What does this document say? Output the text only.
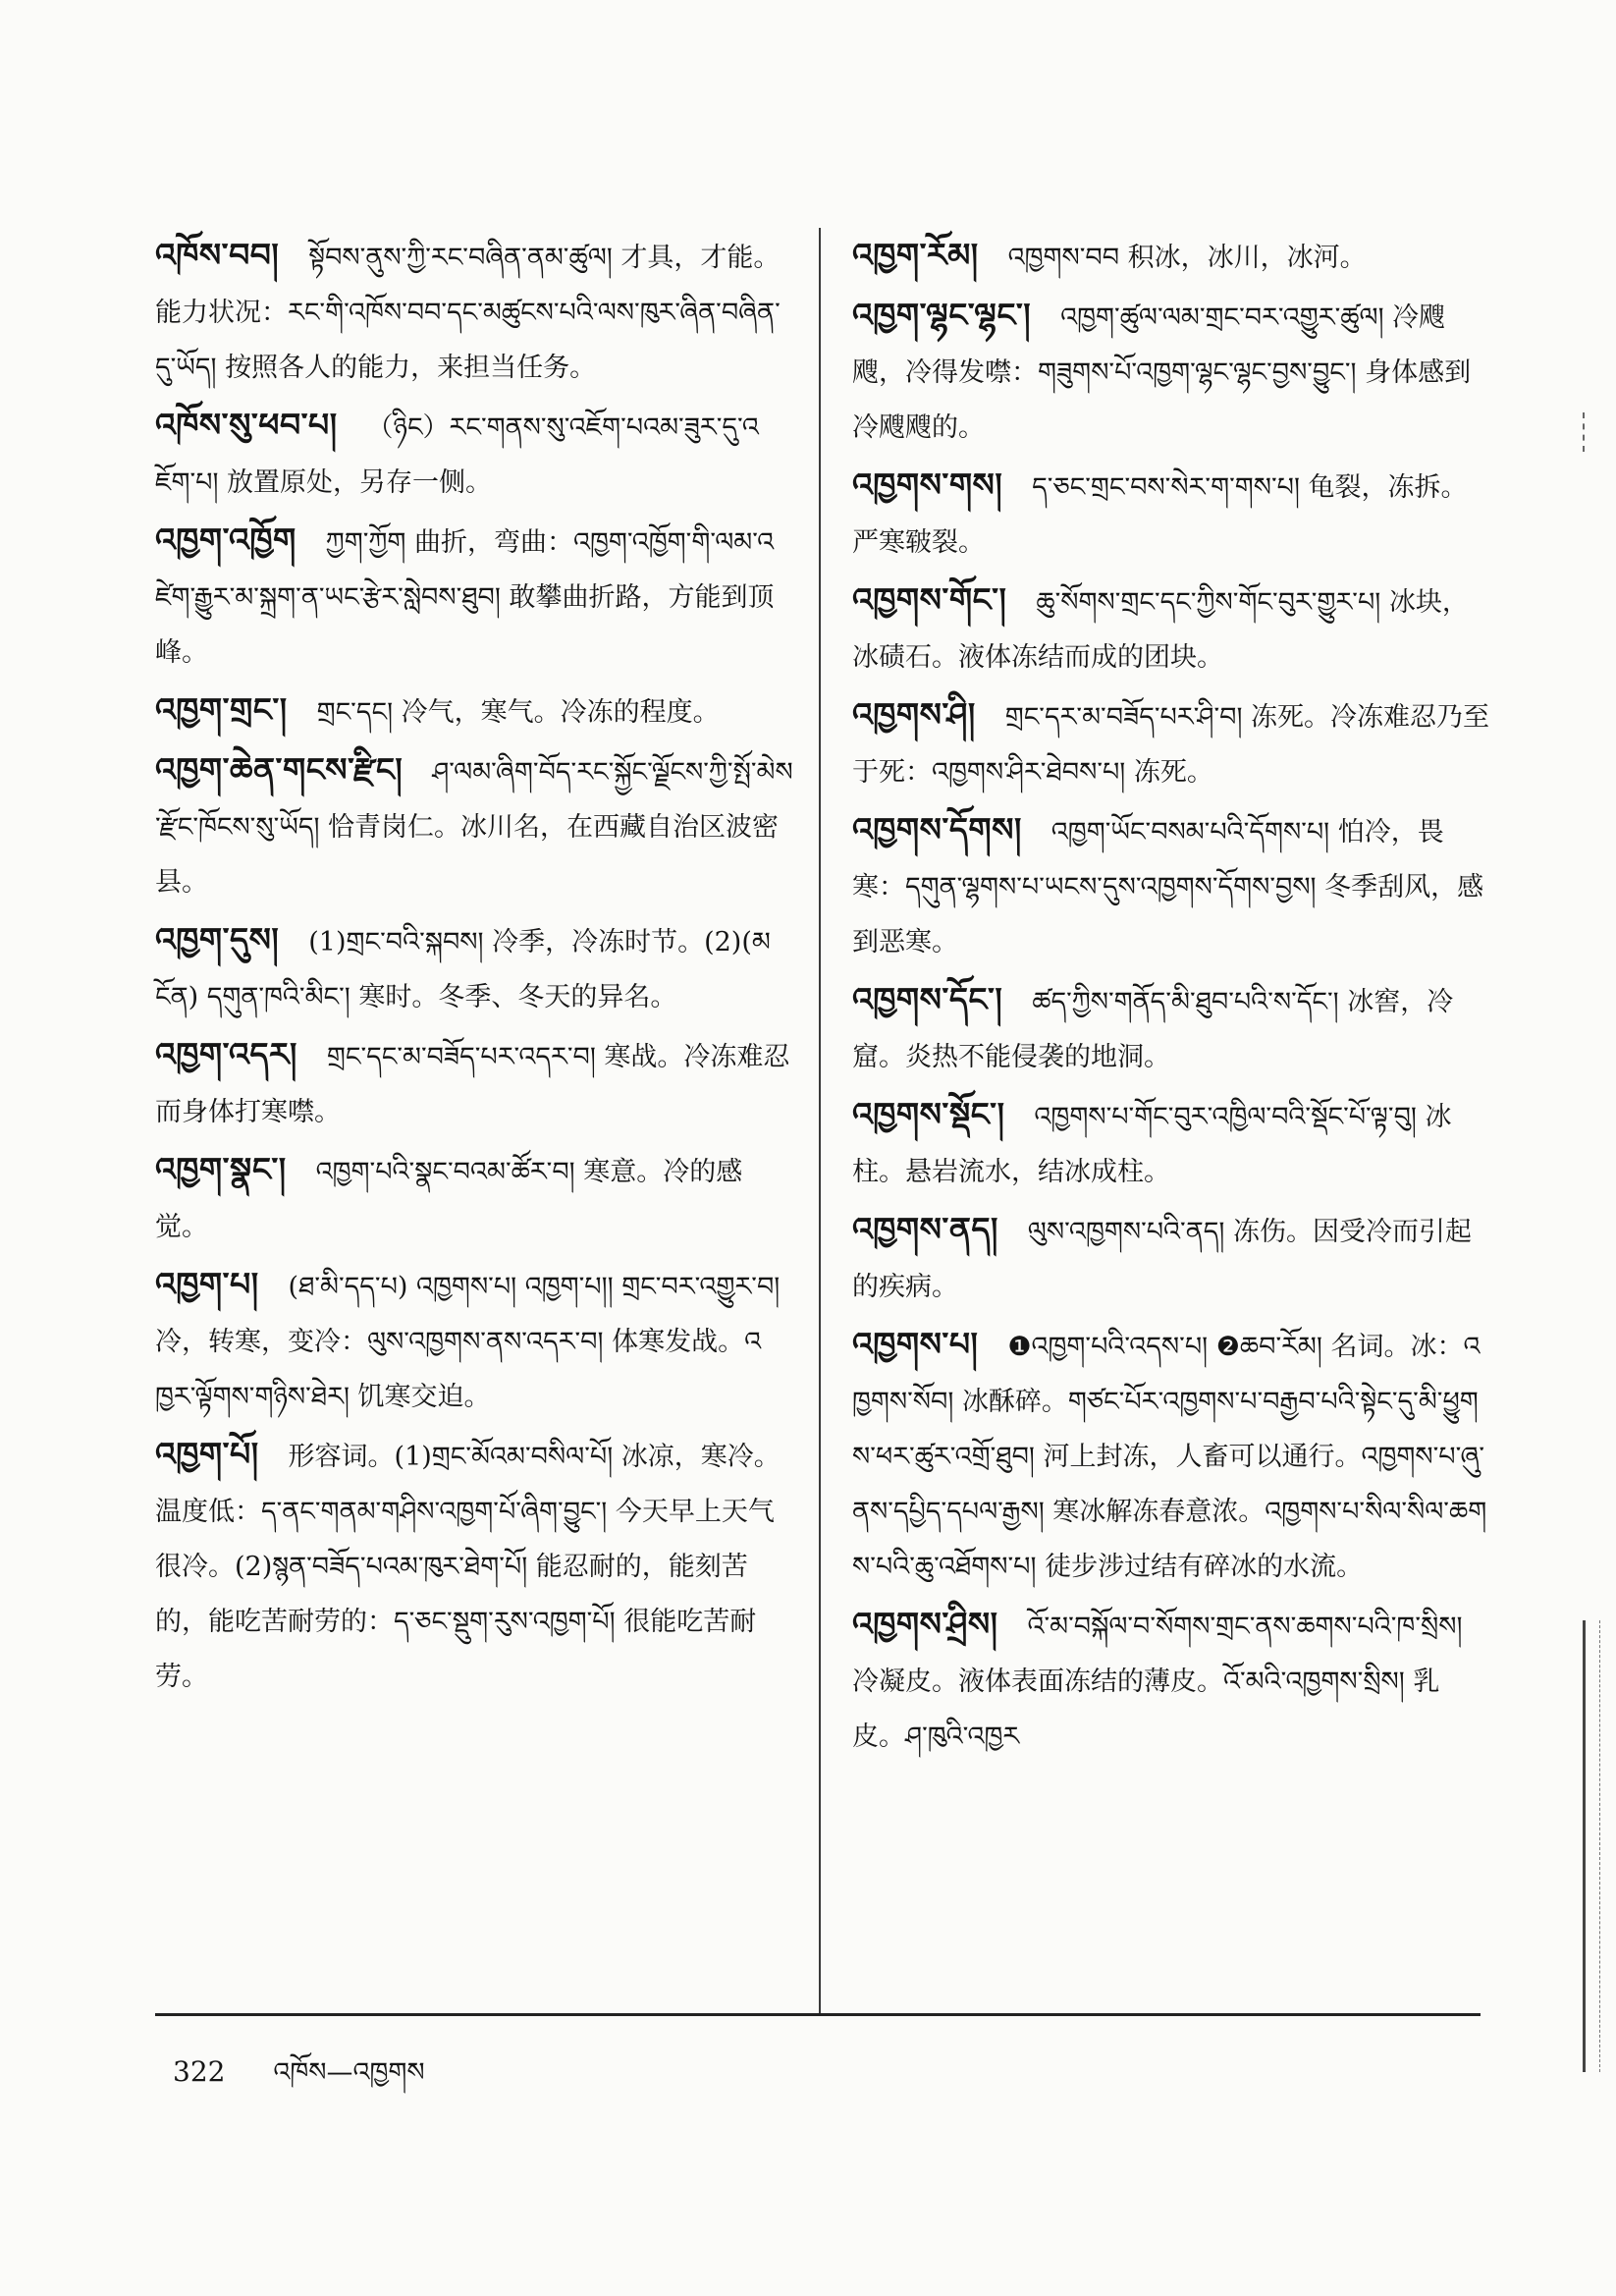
འཁོས་བབ། སྟོབས་ནུས་ཀྱི་རང་བཞིན་ནམ་ཚུལ། 才具，才能。能力状况：རང་གི་འཁོས་བབ་དང་མཚུངས་པའི་ལས་ཁུར་ཞིན་བཞིན་དུ་ཡོད། 按照各人的能力，来担当任务。
འཁོས་སུ་ཕབ་པ། （ཉིང）རང་གནས་སུ་འཇོག་པའམ་ཟུར་དུ་འཇོག་པ། 放置原处，另存一侧。
འཁྱག་འཁྱོག ཀྱག་ཀྱོག 曲折，弯曲：འཁྱག་འཁྱོག་གི་ལམ་འཛེག་རྒྱུར་མ་སྐྲག་ན་ཡང་རྩེར་སླེབས་ཐུབ། 敢攀曲折路，方能到顶峰。
འཁྱག་གྲང་། གྲང་དང། 冷气，寒气。冷冻的程度。
འཁྱག་ཆེན་གངས་རྫིང། ཤ་ལམ་ཞིག་བོད་རང་སྐྱོང་ལྗོངས་ཀྱི་སྤོ་མེས་རྫོང་ཁོངས་སུ་ཡོད། 恰青岗仁。冰川名，在西藏自治区波密县。
འཁྱག་དུས། (1)གྲང་བའི་སྐབས། 冷季，冷冻时节。(2)(མངོན) དགུན་ཁའི་མིང་། 寒时。冬季、冬天的异名。
འཁྱག་འདར། གྲང་དང་མ་བཟོད་པར་འདར་བ། 寒战。冷冻难忍而身体打寒噤。
འཁྱག་སྣང་། འཁྱག་པའི་སྣང་བའམ་ཚོར་བ། 寒意。冷的感觉。
འཁྱག་པ། (ཐ་མི་དད་པ) འཁྱགས་པ། འཁྱག་པ།། གྲང་བར་འགྱུར་བ། 冷，转寒，变冷：ལུས་འཁྱགས་ནས་འདར་བ། 体寒发战。འཁྱར་ལྟོགས་གཉིས་ཐེར། 饥寒交迫。
འཁྱག་པོ། 形容词。(1)གྲང་མོའམ་བསིལ་པོ། 冰凉，寒冷。温度低：ད་ནང་གནམ་གཤིས་འཁྱག་པོ་ཞིག་བྱུང་། 今天早上天气很冷。(2)སྙན་བཟོད་པའམ་ཁུར་ཐེག་པོ། 能忍耐的，能刻苦的，能吃苦耐劳的：ད་ཅང་སྡུག་རུས་འཁྱག་པོ། 很能吃苦耐劳。
འཁྱག་རོམ། འཁྱགས་བབ 积冰，冰川，冰河。
འཁྱག་ལྷང་ལྷང་། འཁྱག་ཚུལ་ལམ་གྲང་བར་འགྱུར་ཚུལ། 冷飕飕，冷得发噤：གཟུགས་པོ་འཁྱག་ལྷང་ལྷང་བྱས་བྱུང་། 身体感到冷飕飕的。
འཁྱགས་གས། ད་ཅང་གྲང་བས་སེར་ག་གས་པ། 龟裂，冻拆。严寒皲裂。
འཁྱགས་གོང་། ཆུ་སོགས་གྲང་དང་ཀྱིས་གོང་བུར་གྱུར་པ། 冰块，冰碛石。液体冻结而成的团块。
འཁྱགས་ཤི། གྲང་དར་མ་བཟོད་པར་ཤི་བ། 冻死。冷冻难忍乃至于死：འཁྱགས་ཤིར་ཐེབས་པ། 冻死。
འཁྱགས་དོགས། འཁྱག་ཡོང་བསམ་པའི་དོགས་པ། 怕冷，畏寒：དགུན་ལྷགས་པ་ཡངས་དུས་འཁྱགས་དོགས་བྱས། 冬季刮风，感到恶寒。
འཁྱགས་དོང་། ཚད་ཀྱིས་གནོད་མི་ཐུབ་པའི་ས་དོང་། 冰窖，冷窟。炎热不能侵袭的地洞。
འཁྱགས་སྡོང་། འཁྱགས་པ་གོང་བུར་འཁྱིལ་བའི་སྡོང་པོ་ལྟ་བུ། 冰柱。悬岩流水，结冰成柱。
འཁྱགས་ནད། ལུས་འཁྱགས་པའི་ནད། 冻伤。因受冷而引起的疾病。
འཁྱགས་པ། ❶འཁྱག་པའི་འདས་པ། ❷ཆབ་རོམ། 名词。冰：འཁྱགས་སོབ། 冰酥碎。གཙང་པོར་འཁྱགས་པ་བརྒྱབ་པའི་སྟེང་དུ་མི་ཕྱུགས་ཕར་ཚུར་འགྲོ་ཐུབ། 河上封冻，人畜可以通行。འཁྱགས་པ་ཞུ་ནས་དཔྱིད་དཔལ་རྒྱས། 寒冰解冻春意浓。འཁྱགས་པ་སིལ་སིལ་ཆགས་པའི་ཆུ་འཐོགས་པ། 徒步涉过结有碎冰的水流。
འཁྱགས་ཤྲིས། འོ་མ་བསྐོལ་བ་སོགས་གྲང་ནས་ཆགས་པའི་ཁ་སྲིས། 冷凝皮。液体表面冻结的薄皮。འོ་མའི་འཁྱགས་སྲིས། 乳皮。ཤ་ཁུའི་འཁྱར
322 འཁོས—འཁྱགས
